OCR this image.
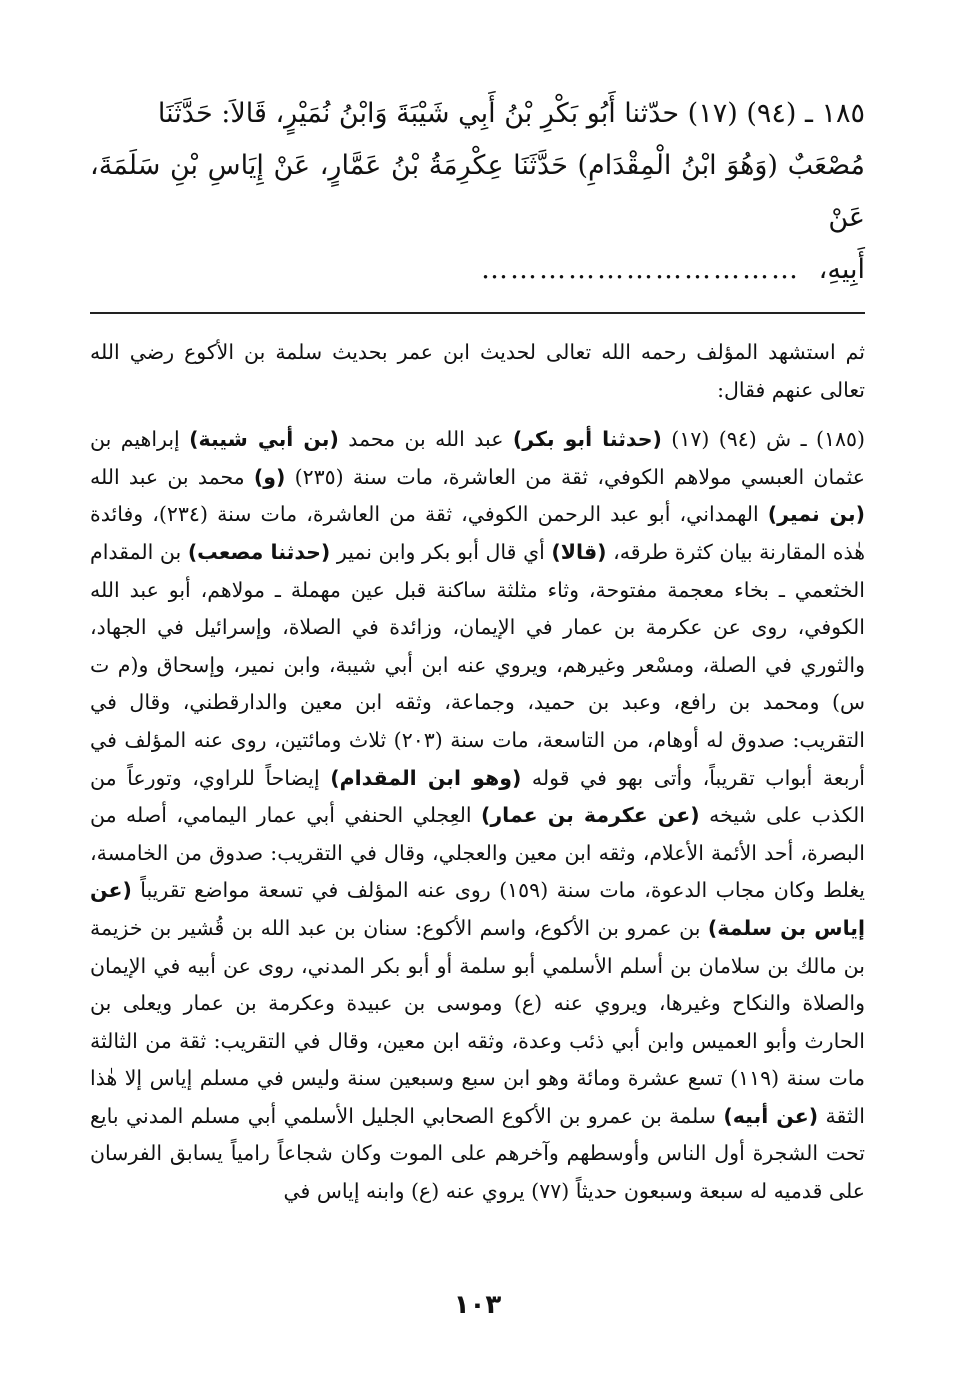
١٨٥ ـ (٩٤) (١٧) حدّثنا أَبُو بَكْرِ بْنُ أَبِي شَيْبَةَ وَابْنُ نُمَيْرٍ، قَالاَ: حَدَّثَنَا
مُصْعَبٌ (وَهُوَ ابْنُ الْمِقْدَامِ) حَدَّثَنَا عِكْرِمَةُ بْنُ عَمَّارٍ، عَنْ إِيَاسِ بْنِ سَلَمَةَ، عَنْ
أَبِيهِ، ……………………………

ثم استشهد المؤلف رحمه الله تعالى لحديث ابن عمر بحديث سلمة بن الأكوع رضي الله تعالى عنهم فقال:
(١٨٥) ـ ش (٩٤) (١٧) (حدثنا أبو بكر) عبد الله بن محمد (بن أبي شيبة) إبراهيم بن عثمان العبسي مولاهم الكوفي، ثقة من العاشرة، مات سنة (٢٣٥) (و) محمد بن عبد الله (بن نمير) الهمداني، أبو عبد الرحمن الكوفي، ثقة من العاشرة، مات سنة (٢٣٤)، وفائدة هٰذه المقارنة بيان كثرة طرقه، (قالا) أي قال أبو بكر وابن نمير (حدثنا مصعب) بن المقدام الخثعمي ـ بخاء معجمة مفتوحة، وثاء مثلثة ساكنة قبل عين مهملة ـ مولاهم، أبو عبد الله الكوفي، روى عن عكرمة بن عمار في الإيمان، وزائدة في الصلاة، وإسرائيل في الجهاد، والثوري في الصلة، ومسْعر وغيرهم، ويروي عنه ابن أبي شيبة، وابن نمير، وإسحاق و(م ت س) ومحمد بن رافع، وعبد بن حميد، وجماعة، وثقه ابن معين والدارقطني، وقال في التقريب: صدوق له أوهام، من التاسعة، مات سنة (٢٠٣) ثلاث ومائتين، روى عنه المؤلف في أربعة أبواب تقريباً، وأتى بهو في قوله (وهو ابن المقدام) إيضاحاً للراوي، وتورعاً من الكذب على شيخه (عن عكرمة بن عمار) العِجلي الحنفي أبي عمار اليمامي، أصله من البصرة، أحد الأئمة الأعلام، وثقه ابن معين والعجلي، وقال في التقريب: صدوق من الخامسة، يغلط وكان مجاب الدعوة، مات سنة (١٥٩) روى عنه المؤلف في تسعة مواضع تقريباً (عن إياس بن سلمة) بن عمرو بن الأكوع، واسم الأكوع: سنان بن عبد الله بن قُشير بن خزيمة بن مالك بن سلامان بن أسلم الأسلمي أبو سلمة أو أبو بكر المدني، روى عن أبيه في الإيمان والصلاة والنكاح وغيرها، ويروي عنه (ع) وموسى بن عبيدة وعكرمة بن عمار ويعلى بن الحارث وأبو العميس وابن أبي ذئب وعدة، وثقه ابن معين، وقال في التقريب: ثقة من الثالثة مات سنة (١١٩) تسع عشرة ومائة وهو ابن سبع وسبعين سنة وليس في مسلم إياس إلا هٰذا الثقة (عن أبيه) سلمة بن عمرو بن الأكوع الصحابي الجليل الأسلمي أبي مسلم المدني بايع تحت الشجرة أول الناس وأوسطهم وآخرهم على الموت وكان شجاعاً رامياً يسابق الفرسان على قدميه له سبعة وسبعون حديثاً (٧٧) يروي عنه (ع) وابنه إياس في

١٠٣
